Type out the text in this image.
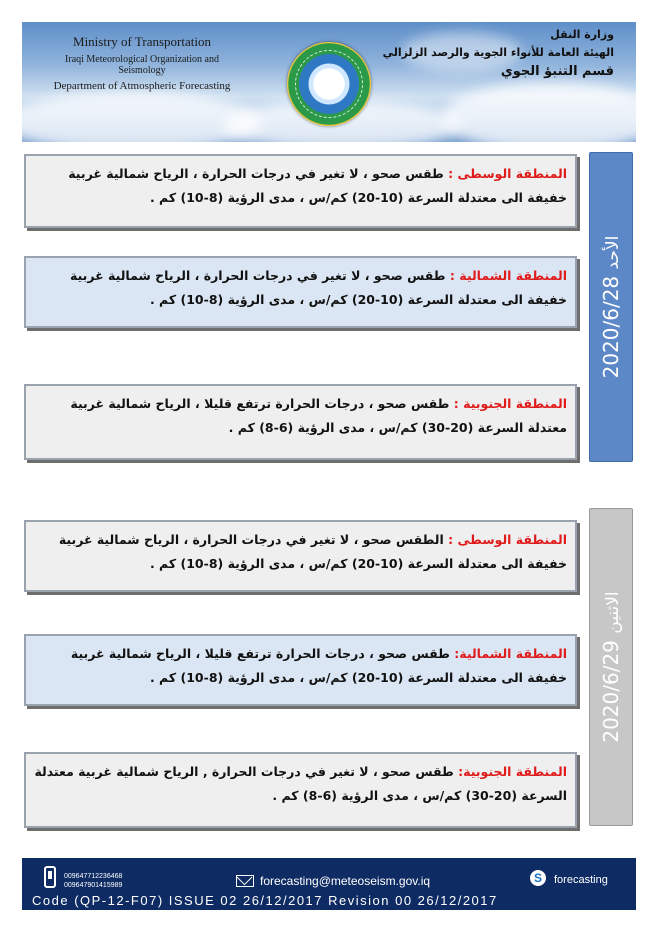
Ministry of Transportation
Iraqi Meteorological Organization and Seismology
Department of Atmospheric Forecasting
وزارة النقل
الهيئة العامة للأنواء الجوية والرصد الزلزالي
قسم التنبؤ الجوي
المنطقة الوسطى : طقس صحو ، لا تغير في درجات الحرارة ، الرياح شمالية غربية خفيفة الى معتدلة السرعة (10-20) كم/س ، مدى الرؤية (8-10) كم .
المنطقة الشمالية : طقس صحو ، لا تغير في درجات الحرارة ، الرياح شمالية غربية خفيفة الى معتدلة السرعة (10-20) كم/س ، مدى الرؤية (8-10) كم .
المنطقة الجنوبية : طقس صحو ، درجات الحرارة ترتفع قليلا ، الرياح شمالية غربية معتدلة السرعة (20-30) كم/س ، مدى الرؤية (6-8) كم .
2020/6/28 الأحد
المنطقة الوسطى : الطقس صحو ، لا تغير في درجات الحرارة ، الرياح شمالية غربية خفيفة الى معتدلة السرعة (10-20) كم/س ، مدى الرؤية (8-10) كم .
المنطقة الشمالية: طقس صحو ، درجات الحرارة ترتفع قليلا ، الرياح شمالية غربية خفيفة الى معتدلة السرعة (10-20) كم/س ، مدى الرؤية (8-10) كم .
المنطقة الجنوبية: طقس صحو ، لا تغير في درجات الحرارة , الرياح شمالية غربية معتدلة السرعة (20-30) كم/س ، مدى الرؤية (6-8) كم .
2020/6/29 الاثنين
009647712236468
009647901415989	forecasting@meteoseism.gov.iq	S	forecasting
Code (QP-12-F07) ISSUE 02 26/12/2017 Revision 00 26/12/2017
